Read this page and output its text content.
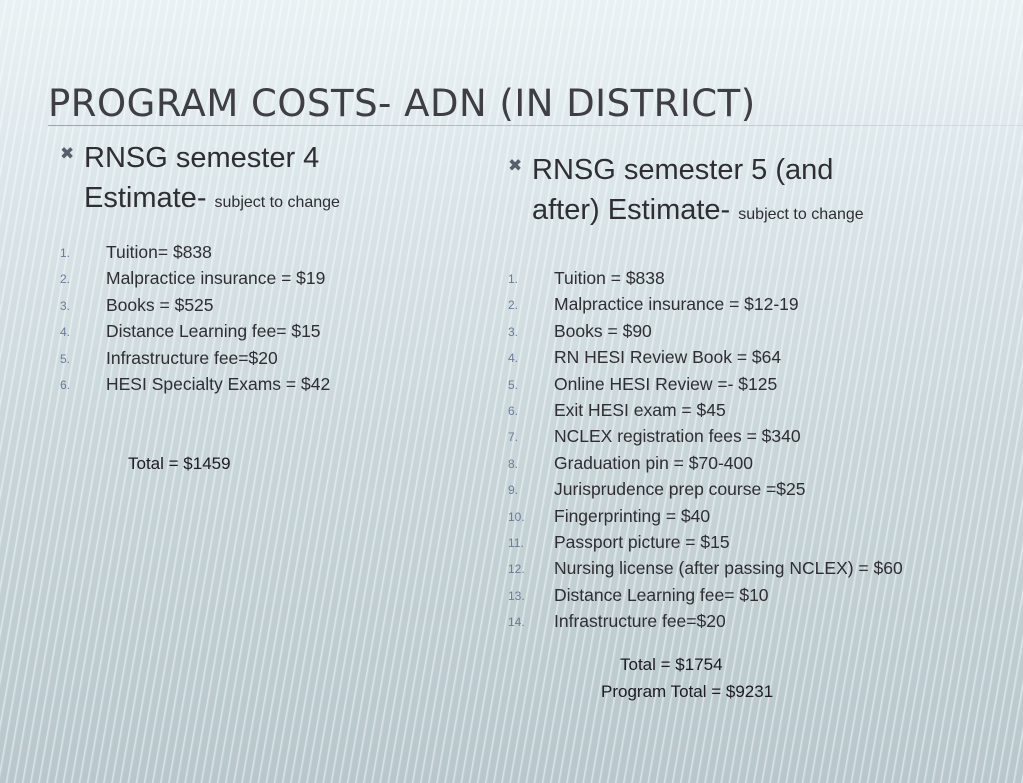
PROGRAM COSTS- ADN (IN DISTRICT)
✖ RNSG semester 4
Estimate- subject to change
1. Tuition= $838
2. Malpractice insurance = $19
3. Books = $525
4. Distance Learning fee= $15
5. Infrastructure fee=$20
6. HESI Specialty Exams = $42
Total = $1459
✖ RNSG semester 5 (and
after) Estimate- subject to change
1. Tuition = $838
2. Malpractice insurance = $12-19
3. Books = $90
4. RN HESI Review Book = $64
5. Online HESI Review =- $125
6. Exit HESI exam = $45
7. NCLEX registration fees = $340
8. Graduation pin = $70-400
9. Jurisprudence prep course =$25
10. Fingerprinting = $40
11. Passport picture = $15
12. Nursing license (after passing NCLEX) = $60
13. Distance Learning fee= $10
14. Infrastructure fee=$20
Total = $1754
Program Total = $9231
